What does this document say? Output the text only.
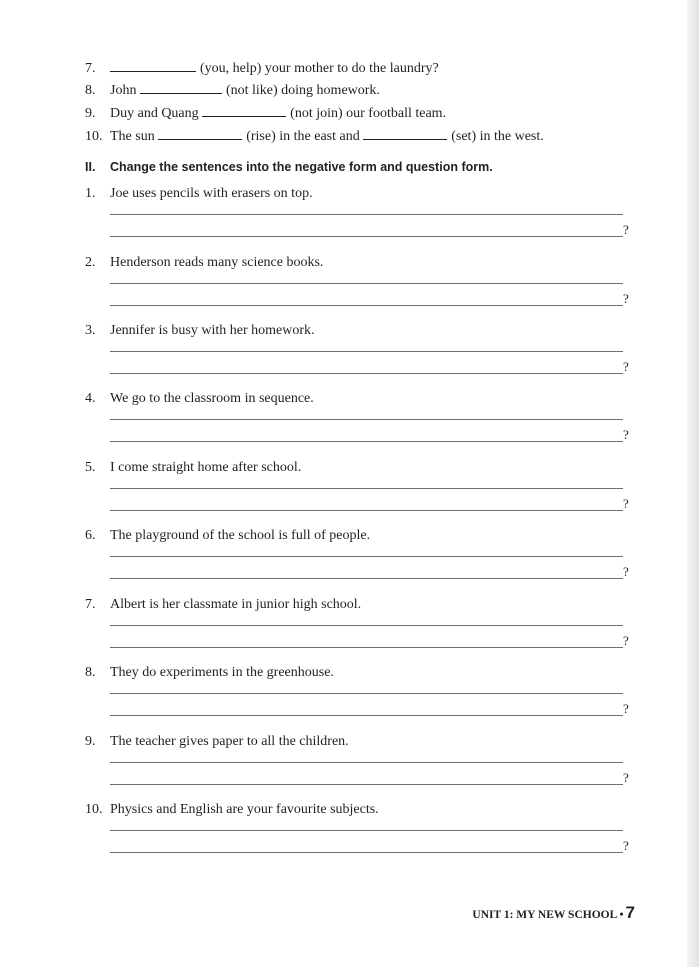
7.	(you, help) your mother to do the laundry?
8. John	(not like) doing homework.
9. Duy and Quang	(not join) our football team.
10. The sun	(rise) in the east and	(set) in the west.
II. Change the sentences into the negative form and question form.
1. Joe uses pencils with erasers on top.
?
2. Henderson reads many science books.
?
3. Jennifer is busy with her homework.
?
4. We go to the classroom in sequence.
?
5. I come straight home after school.
?
6. The playground of the school is full of people.
?
7. Albert is her classmate in junior high school.
?
8. They do experiments in the greenhouse.
?
9. The teacher gives paper to all the children.
?
10. Physics and English are your favourite subjects.
?
UNIT 1: MY NEW SCHOOL • 7
